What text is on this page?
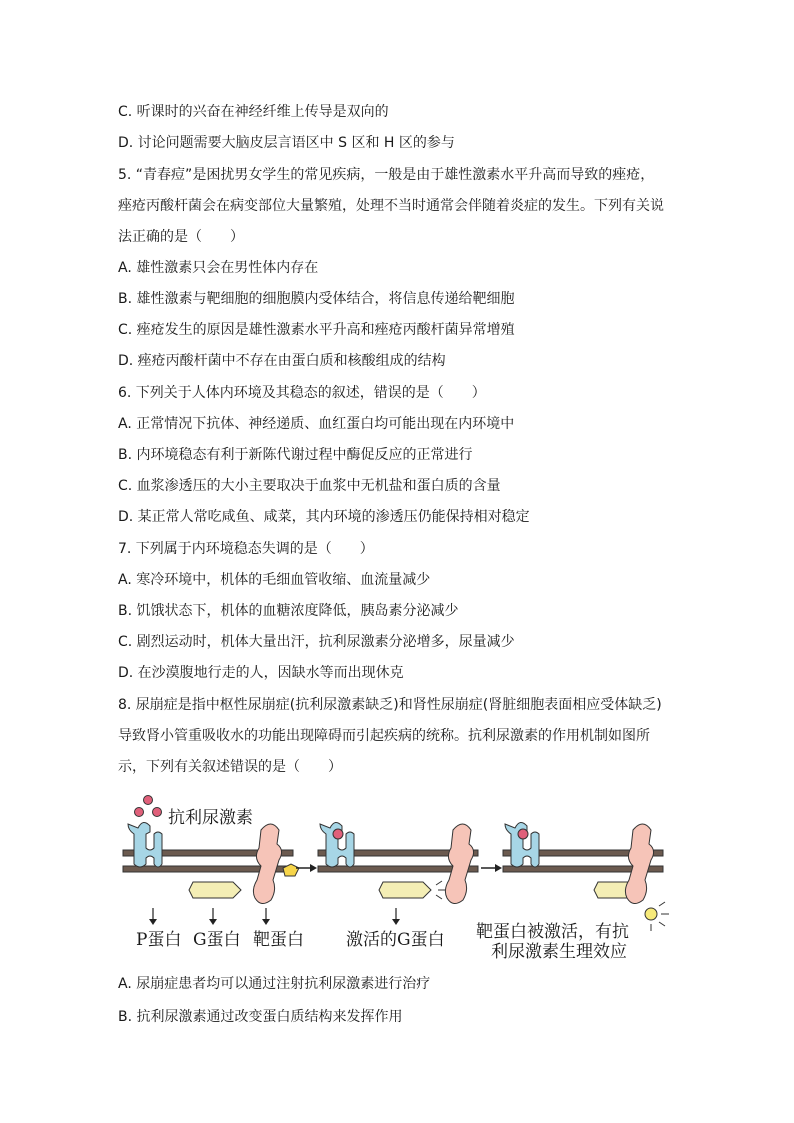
C. 听课时的兴奋在神经纤维上传导是双向的
D. 讨论问题需要大脑皮层言语区中 S 区和 H 区的参与
5. “青春痘”是困扰男女学生的常见疾病，一般是由于雄性激素水平升高而导致的痤疮，
痤疮丙酸杆菌会在病变部位大量繁殖，处理不当时通常会伴随着炎症的发生。下列有关说
法正确的是（　　）
A. 雄性激素只会在男性体内存在
B. 雄性激素与靶细胞的细胞膜内受体结合，将信息传递给靶细胞
C. 痤疮发生的原因是雄性激素水平升高和痤疮丙酸杆菌异常增殖
D. 痤疮丙酸杆菌中不存在由蛋白质和核酸组成的结构
6. 下列关于人体内环境及其稳态的叙述，错误的是（　　）
A. 正常情况下抗体、神经递质、血红蛋白均可能出现在内环境中
B. 内环境稳态有利于新陈代谢过程中酶促反应的正常进行
C. 血浆渗透压的大小主要取决于血浆中无机盐和蛋白质的含量
D. 某正常人常吃咸鱼、咸菜，其内环境的渗透压仍能保持相对稳定
7. 下列属于内环境稳态失调的是（　　）
A. 寒冷环境中，机体的毛细血管收缩、血流量减少
B. 饥饿状态下，机体的血糖浓度降低，胰岛素分泌减少
C. 剧烈运动时，机体大量出汗，抗利尿激素分泌增多，尿量减少
D. 在沙漠腹地行走的人，因缺水等而出现休克
8. 尿崩症是指中枢性尿崩症(抗利尿激素缺乏)和肾性尿崩症(肾脏细胞表面相应受体缺乏)
导致肾小管重吸收水的功能出现障碍而引起疾病的统称。抗利尿激素的作用机制如图所
示，下列有关叙述错误的是（　　）
抗利尿激素
P蛋白 G蛋白 靶蛋白 激活的G蛋白 靶蛋白被激活，有抗
利尿激素生理效应
A. 尿崩症患者均可以通过注射抗利尿激素进行治疗
B. 抗利尿激素通过改变蛋白质结构来发挥作用
